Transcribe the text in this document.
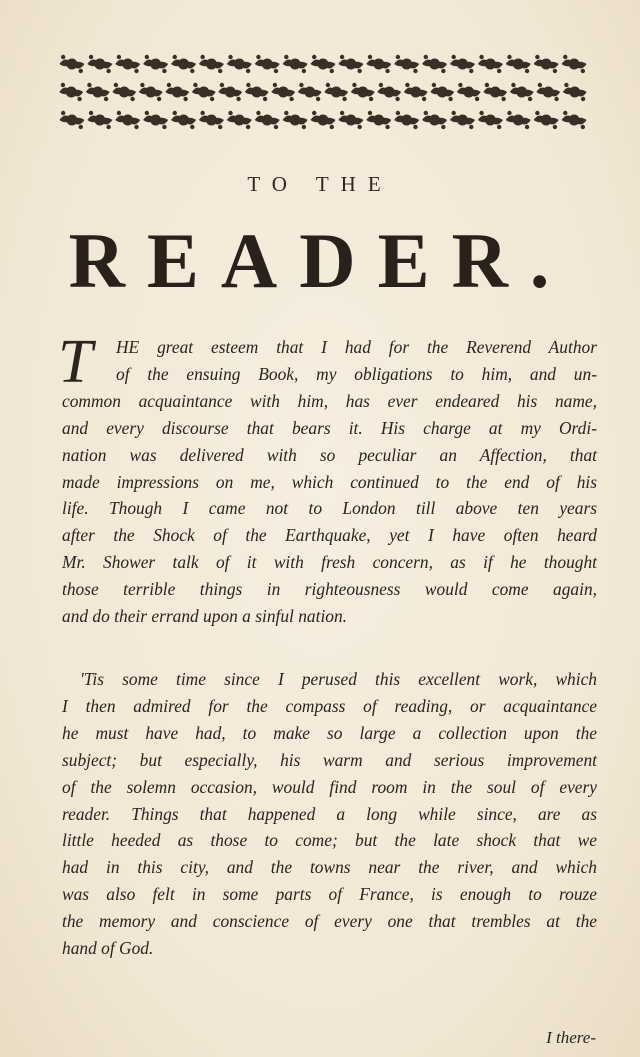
TO THE
READER.
T	HE great esteem that I had for the Reverend Author
of the ensuing Book, my obligations to him, and un-
common acquaintance with him, has ever endeared his name,
and every discourse that bears it. His charge at my Ordi-
nation was delivered with so peculiar an Affection, that
made impressions on me, which continued to the end of his
life. Though I came not to London till above ten years
after the Shock of the Earthquake, yet I have often heard
Mr. Shower talk of it with fresh concern, as if he thought
those terrible things in righteousness would come again,
and do their errand upon a sinful nation.
'Tis some time since I perused this excellent work, which
I then admired for the compass of reading, or acquaintance
he must have had, to make so large a collection upon the
subject; but especially, his warm and serious improvement
of the solemn occasion, would find room in the soul of every
reader. Things that happened a long while since, are as
little heeded as those to come; but the late shock that we
had in this city, and the towns near the river, and which
was also felt in some parts of France, is enough to rouze
the memory and conscience of every one that trembles at the
hand of God.
I there-
